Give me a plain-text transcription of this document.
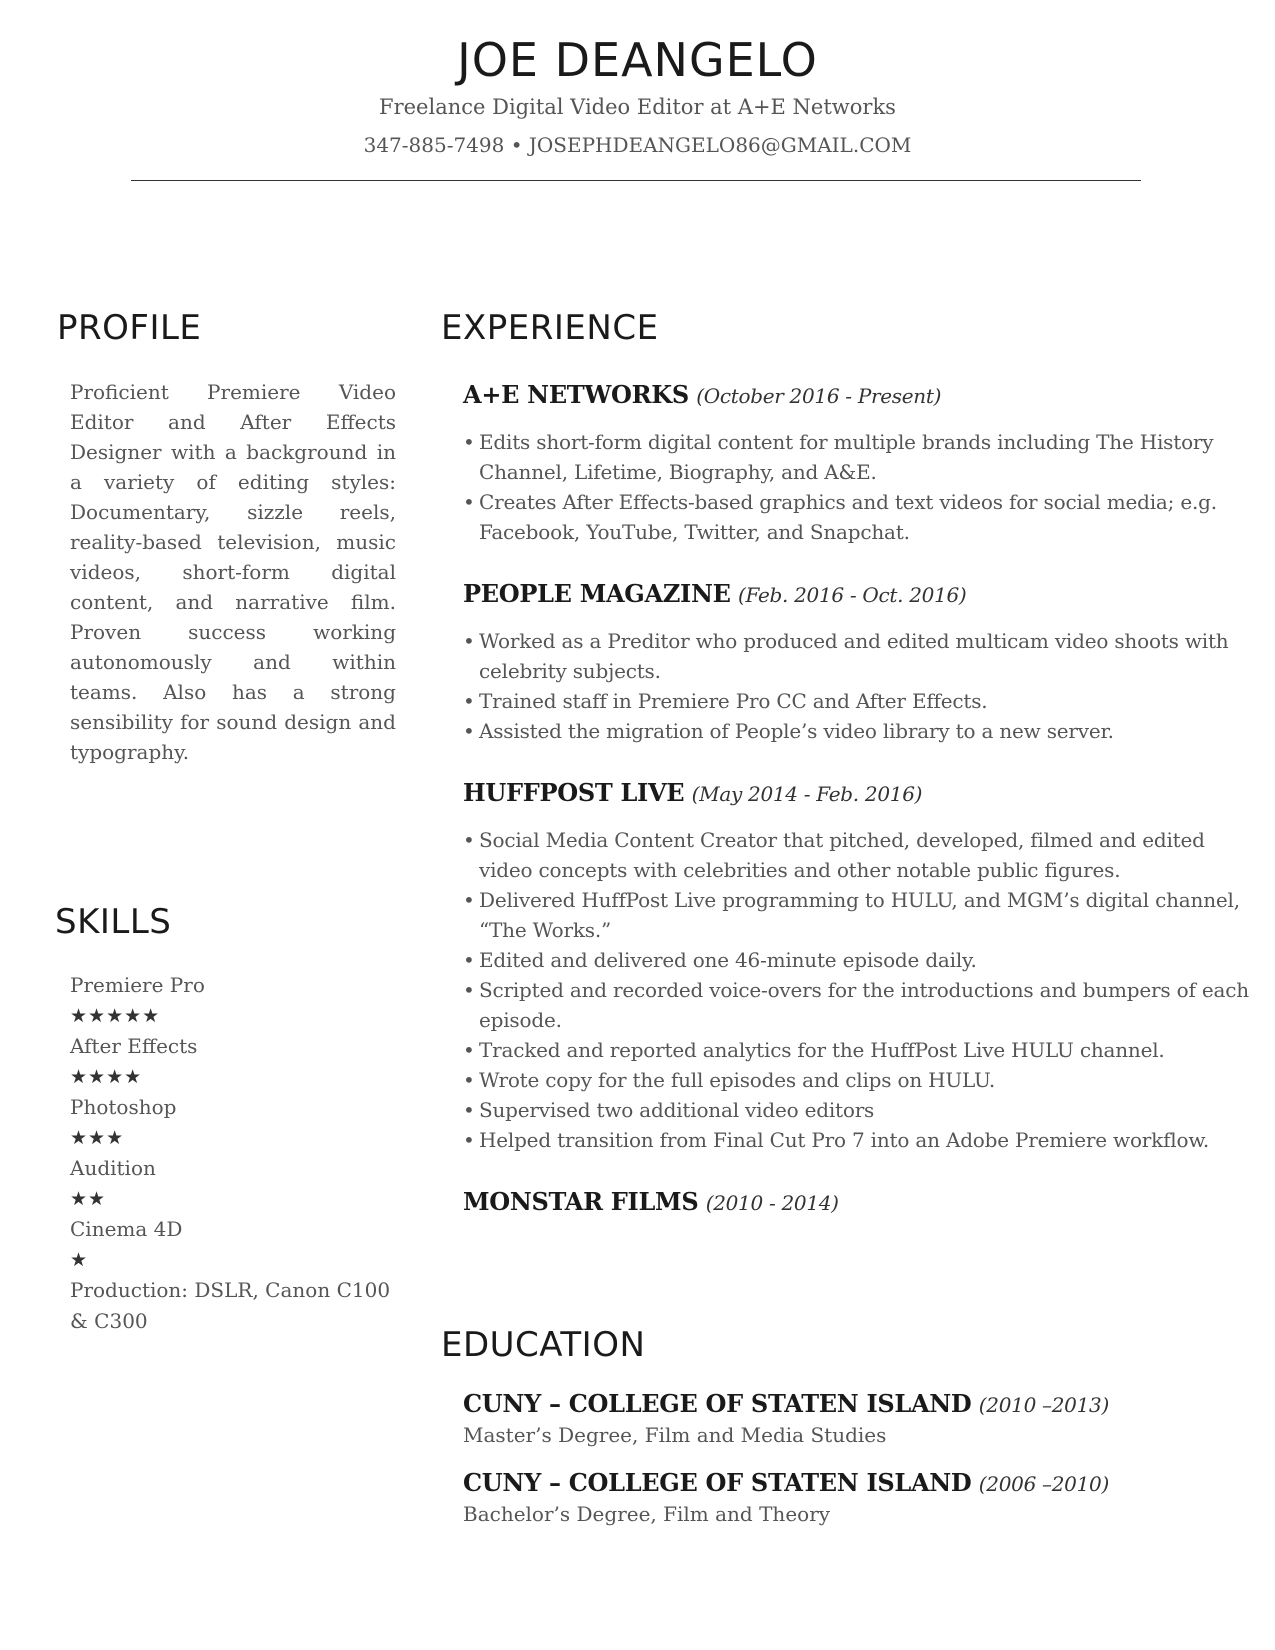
JOE DEANGELO
Freelance Digital Video Editor at A+E Networks
347-885-7498 • JOSEPHDEANGELO86@GMAIL.COM
PROFILE
Proficient Premiere Video Editor and After Effects Designer with a background in a variety of editing styles: Documentary, sizzle reels, reality-based television, music videos, short-form digital content, and narrative film. Proven success working autonomously and within teams. Also has a strong sensibility for sound design and typography.
SKILLS
Premiere Pro
★★★★★
After Effects
★★★★
Photoshop
★★★
Audition
★★
Cinema 4D
★
Production: DSLR, Canon C100 & C300
EXPERIENCE
A+E NETWORKS (October 2016 - Present)
• Edits short-form digital content for multiple brands including The History Channel, Lifetime, Biography, and A&E.
• Creates After Effects-based graphics and text videos for social media; e.g. Facebook, YouTube, Twitter, and Snapchat.
PEOPLE MAGAZINE (Feb. 2016 - Oct. 2016)
• Worked as a Preditor who produced and edited multicam video shoots with celebrity subjects.
• Trained staff in Premiere Pro CC and After Effects.
• Assisted the migration of People’s video library to a new server.
HUFFPOST LIVE (May 2014 - Feb. 2016)
• Social Media Content Creator that pitched, developed, filmed and edited video concepts with celebrities and other notable public figures.
• Delivered HuffPost Live programming to HULU, and MGM’s digital channel, “The Works.”
• Edited and delivered one 46-minute episode daily.
• Scripted and recorded voice-overs for the introductions and bumpers of each episode.
• Tracked and reported analytics for the HuffPost Live HULU channel.
• Wrote copy for the full episodes and clips on HULU.
• Supervised two additional video editors
• Helped transition from Final Cut Pro 7 into an Adobe Premiere workflow.
MONSTAR FILMS (2010 - 2014)
EDUCATION
CUNY – COLLEGE OF STATEN ISLAND (2010 –2013)
Master’s Degree, Film and Media Studies
CUNY – COLLEGE OF STATEN ISLAND (2006 –2010)
Bachelor’s Degree, Film and Theory
